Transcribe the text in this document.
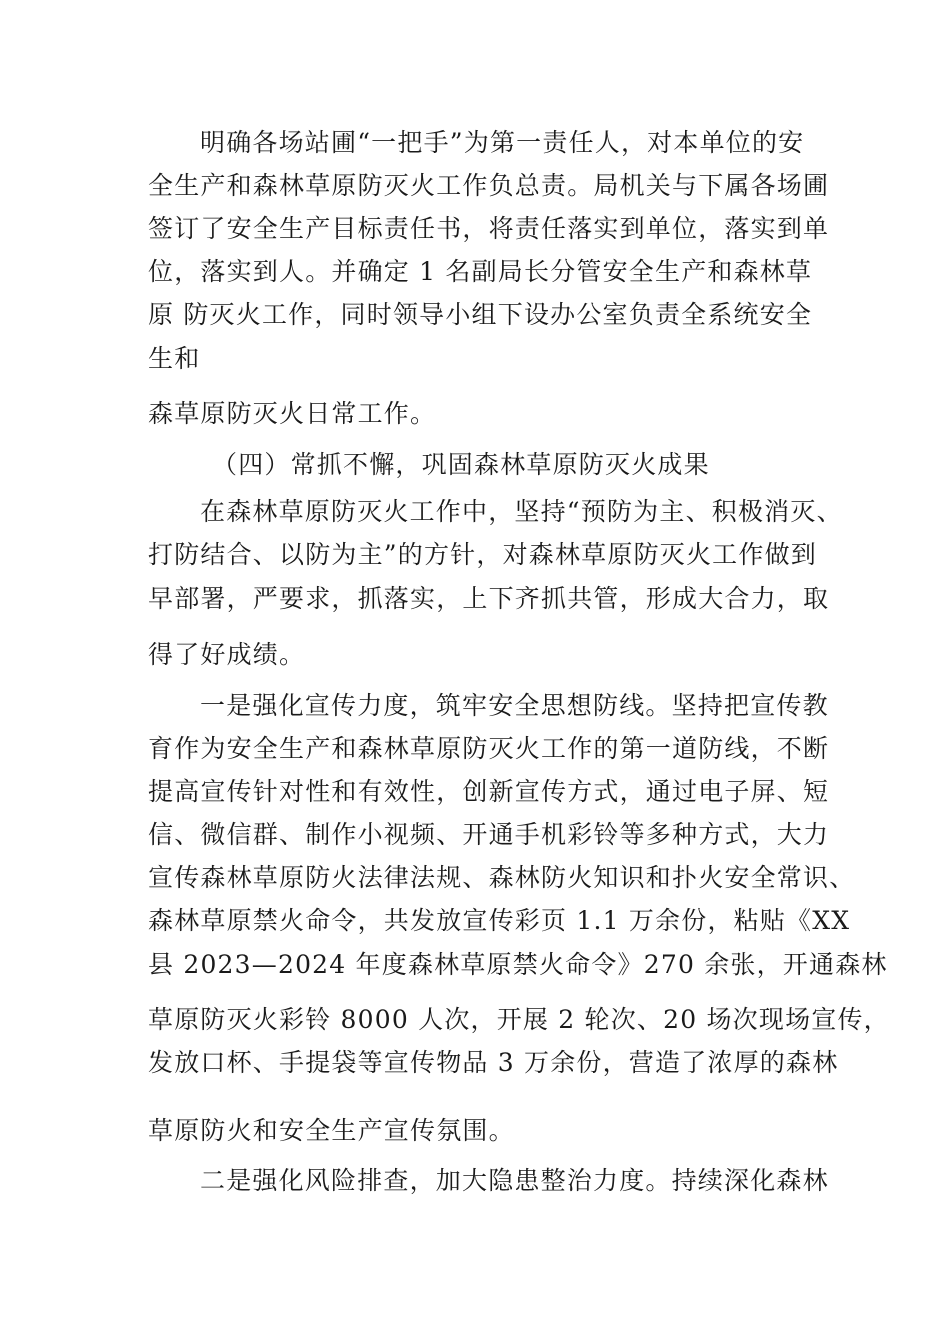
明确各场站圃“一把手”为第一责任人，对本单位的安
全生产和森林草原防灭火工作负总责。局机关与下属各场圃
签订了安全生产目标责任书，将责任落实到单位，落实到单
位，落实到人。并确定 1 名副局长分管安全生产和森林草
原 防灭火工作，同时领导小组下设办公室负责全系统安全
生和
森草原防灭火日常工作。
（四）常抓不懈，巩固森林草原防灭火成果
在森林草原防灭火工作中，坚持“预防为主、积极消灭、
打防结合、以防为主”的方针，对森林草原防灭火工作做到
早部署，严要求，抓落实，上下齐抓共管，形成大合力，取
得了好成绩。
一是强化宣传力度，筑牢安全思想防线。坚持把宣传教
育作为安全生产和森林草原防灭火工作的第一道防线，不断
提高宣传针对性和有效性，创新宣传方式，通过电子屏、短
信、微信群、制作小视频、开通手机彩铃等多种方式，大力
宣传森林草原防火法律法规、森林防火知识和扑火安全常识、
森林草原禁火命令，共发放宣传彩页 1.1 万余份，粘贴《XX
县 2023—2024 年度森林草原禁火命令》270 余张，开通森林
草原防灭火彩铃 8000 人次，开展 2 轮次、20 场次现场宣传，
发放口杯、手提袋等宣传物品 3 万余份，营造了浓厚的森林
草原防火和安全生产宣传氛围。
二是强化风险排查，加大隐患整治力度。持续深化森林
